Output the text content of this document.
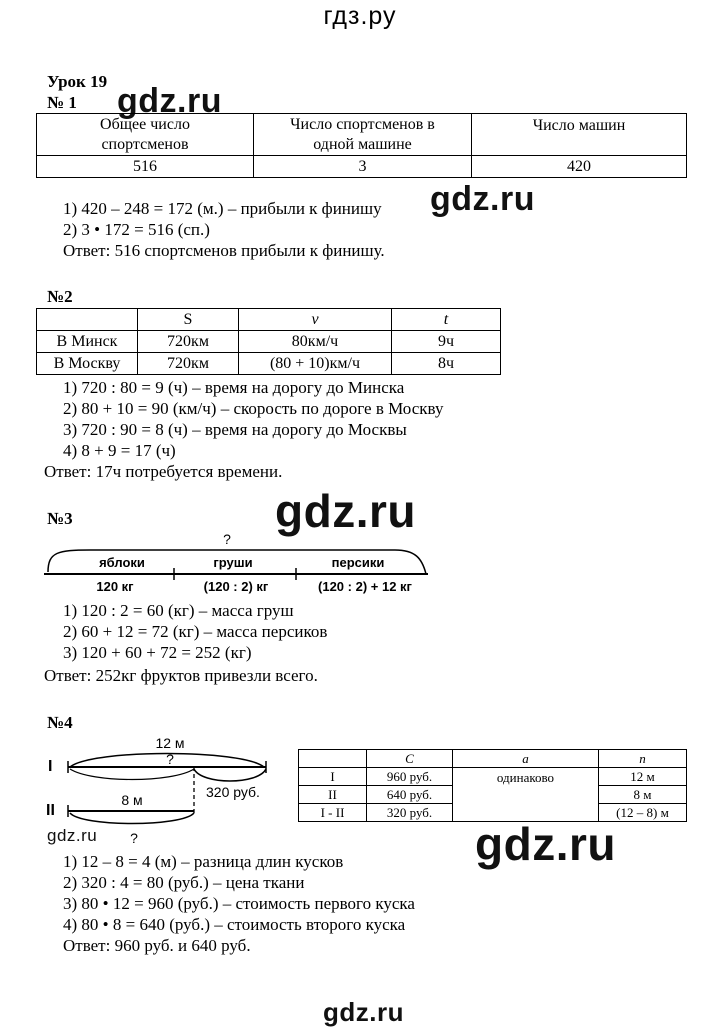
гдз.ру
gdz.ru
gdz.ru
gdz.ru
gdz.ru
gdz.ru
gdz.ru
Урок 19
№ 1
Общее число спортсменов	Число спортсменов в одной машине	Число машин
516	3	420
1) 420 – 248 = 172 (м.) – прибыли к финишу
2) 3 • 172 = 516 (сп.)
Ответ: 516 спортсменов прибыли к финишу.
№2
	S	v	t
В Минск	720км	80км/ч	9ч
В Москву	720км	(80 + 10)км/ч	8ч
1) 720 : 80 = 9 (ч) – время на дорогу до Минска
2) 80 + 10 = 90 (км/ч) – скорость по дороге в Москву
3) 720 : 90 = 8 (ч) – время на дорогу до Москвы
4) 8 + 9 = 17 (ч)
Ответ: 17ч потребуется времени.
№3
?
яблоки	груши	персики
120 кг	(120 : 2) кг	(120 : 2) + 12 кг
1) 120 : 2 = 60 (кг) – масса груш
2) 60 + 12 = 72 (кг) – масса персиков
3) 120 + 60 + 72 = 252 (кг)
Ответ: 252кг фруктов привезли всего.
№4
I
II
12 м
?
320 руб.
8 м
?
	C	a	n
I	960 руб.	одинаково	12 м
II	640 руб.		8 м
I - II	320 руб.		(12 – 8) м
1) 12 – 8 = 4 (м) – разница длин кусков
2) 320 : 4 = 80 (руб.) – цена ткани
3) 80 • 12 = 960 (руб.) – стоимость первого куска
4) 80 • 8 = 640 (руб.) – стоимость второго куска
Ответ: 960 руб. и 640 руб.
